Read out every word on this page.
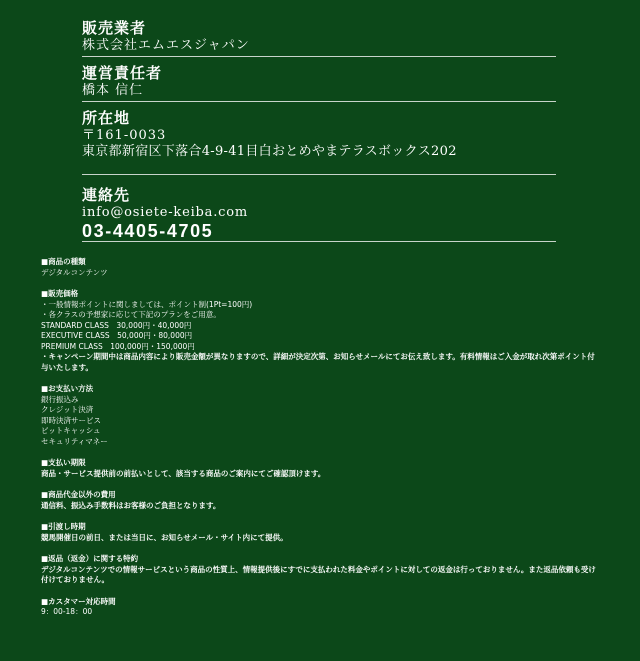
販売業者
株式会社エムエスジャパン
運営責任者
橋本 信仁
所在地
〒161-0033
東京都新宿区下落合4-9-41目白おとめやまテラスボックス202
連絡先
info@osiete-keiba.com
03-4405-4705
■商品の種類
デジタルコンテンツ
■販売価格
・一般情報ポイントに関しましては、ポイント制(1Pt=100円)
・各クラスの予想家に応じて下記のプランをご用意。
STANDARD CLASS　30,000円・40,000円
EXECUTIVE CLASS　50,000円・80,000円
PREMIUM CLASS　100,000円・150,000円
・キャンペーン期間中は商品内容により販売金額が異なりますので、詳細が決定次第、お知らせメールにてお伝え致します。有料情報はご入金が取れ次第ポイント付与いたします。
■お支払い方法
銀行振込み
クレジット決済
即時決済サービス
ビットキャッシュ
セキュリティマネー
■支払い期限
商品・サービス提供前の前払いとして、該当する商品のご案内にてご確認頂けます。
■商品代金以外の費用
通信料、振込み手数料はお客様のご負担となります。
■引渡し時期
競馬開催日の前日、または当日に、お知らせメール・サイト内にて提供。
■返品（返金）に関する特約
デジタルコンテンツでの情報サービスという商品の性質上、情報提供後にすでに支払われた料金やポイントに対しての返金は行っておりません。また返品依頼も受け付けておりません。
■カスタマー対応時間
9：00-18：00
